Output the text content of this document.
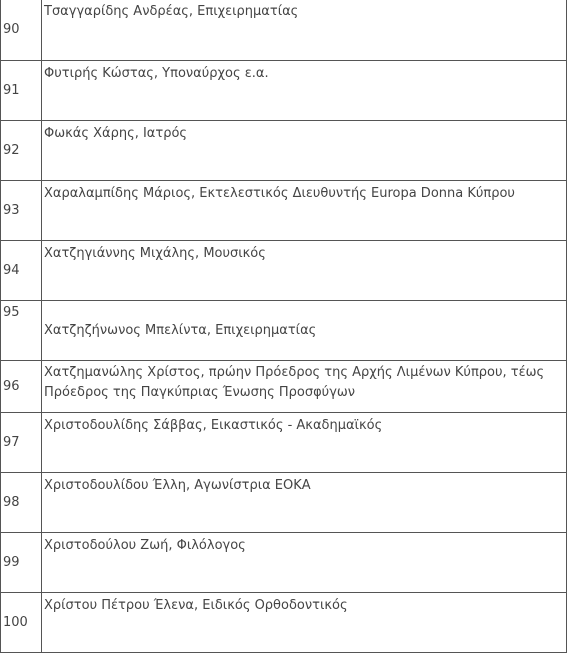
90	Τσαγγαρίδης Ανδρέας, Επιχειρηματίας
91	Φυτιρής Κώστας, Υποναύρχος ε.α.
92	Φωκάς Χάρης, Ιατρός
93	Χαραλαμπίδης Μάριος, Εκτελεστικός Διευθυντής Europa Donna Κύπρου
94	Χατζηγιάννης Μιχάλης, Μουσικός
95	Χατζηζήνωνος Μπελίντα, Επιχειρηματίας
96	Χατζημανώλης Χρίστος, πρώην Πρόεδρος της Αρχής Λιμένων Κύπρου, τέως Πρόεδρος της Παγκύπριας Ένωσης Προσφύγων
97	Χριστοδουλίδης Σάββας, Εικαστικός - Ακαδημαϊκός
98	Χριστοδουλίδου Έλλη, Αγωνίστρια ΕΟΚΑ
99	Χριστοδούλου Ζωή, Φιλόλογος
100	Χρίστου Πέτρου Έλενα, Ειδικός Ορθοδοντικός
